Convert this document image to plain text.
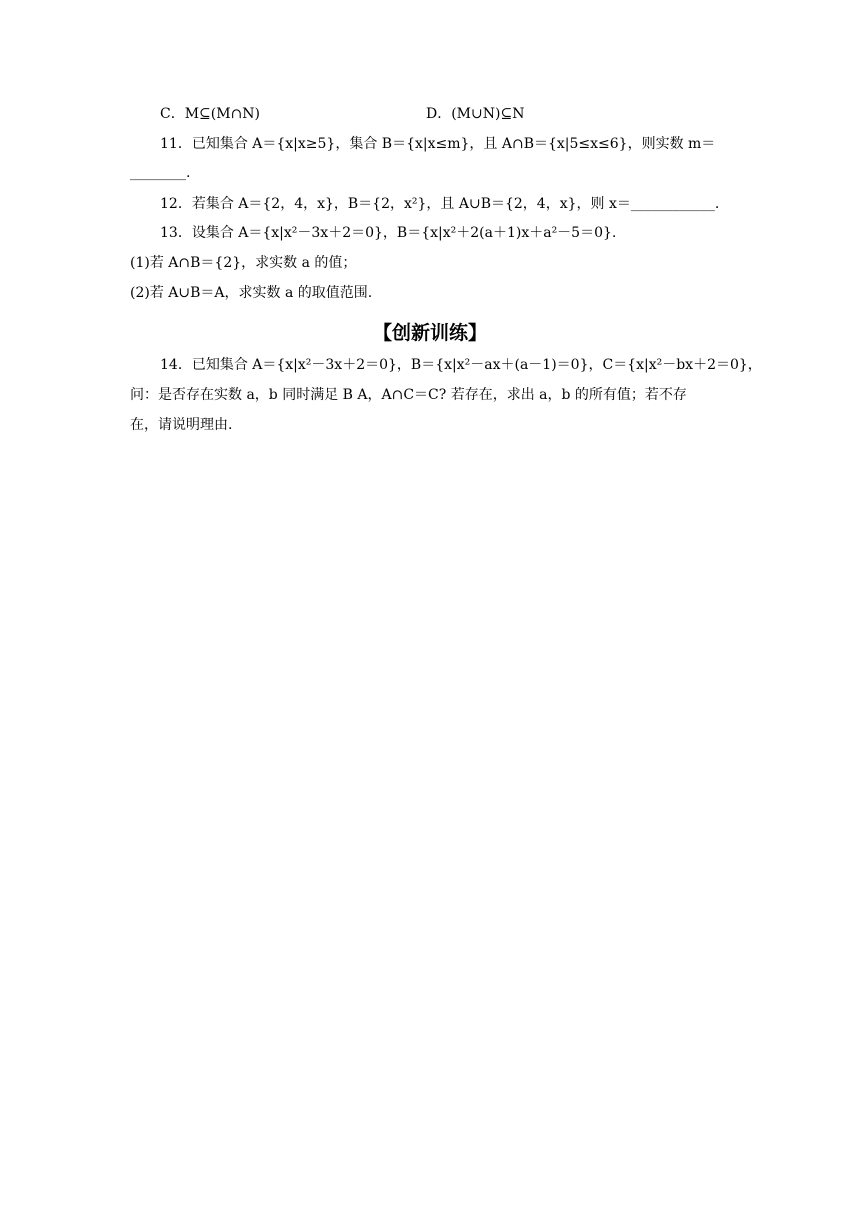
C．M⊆(M∩N)	D．(M∪N)⊆N
11．已知集合 A＝{x|x≥5}，集合 B＝{x|x≤m}，且 A∩B＝{x|5≤x≤6}，则实数 m＝
________.
12．若集合 A＝{2，4，x}，B＝{2，x²}，且 A∪B＝{2，4，x}，则 x＝____________.
13．设集合 A＝{x|x²－3x＋2＝0}，B＝{x|x²＋2(a＋1)x＋a²－5＝0}.
(1)若 A∩B＝{2}，求实数 a 的值；
(2)若 A∪B＝A，求实数 a 的取值范围.
【创新训练】
14．已知集合 A＝{x|x²－3x＋2＝0}，B＝{x|x²－ax＋(a－1)＝0}，C＝{x|x²－bx＋2＝0}，
问：是否存在实数 a，b 同时满足 B A，A∩C＝C? 若存在，求出 a，b 的所有值；若不存
在，请说明理由.
